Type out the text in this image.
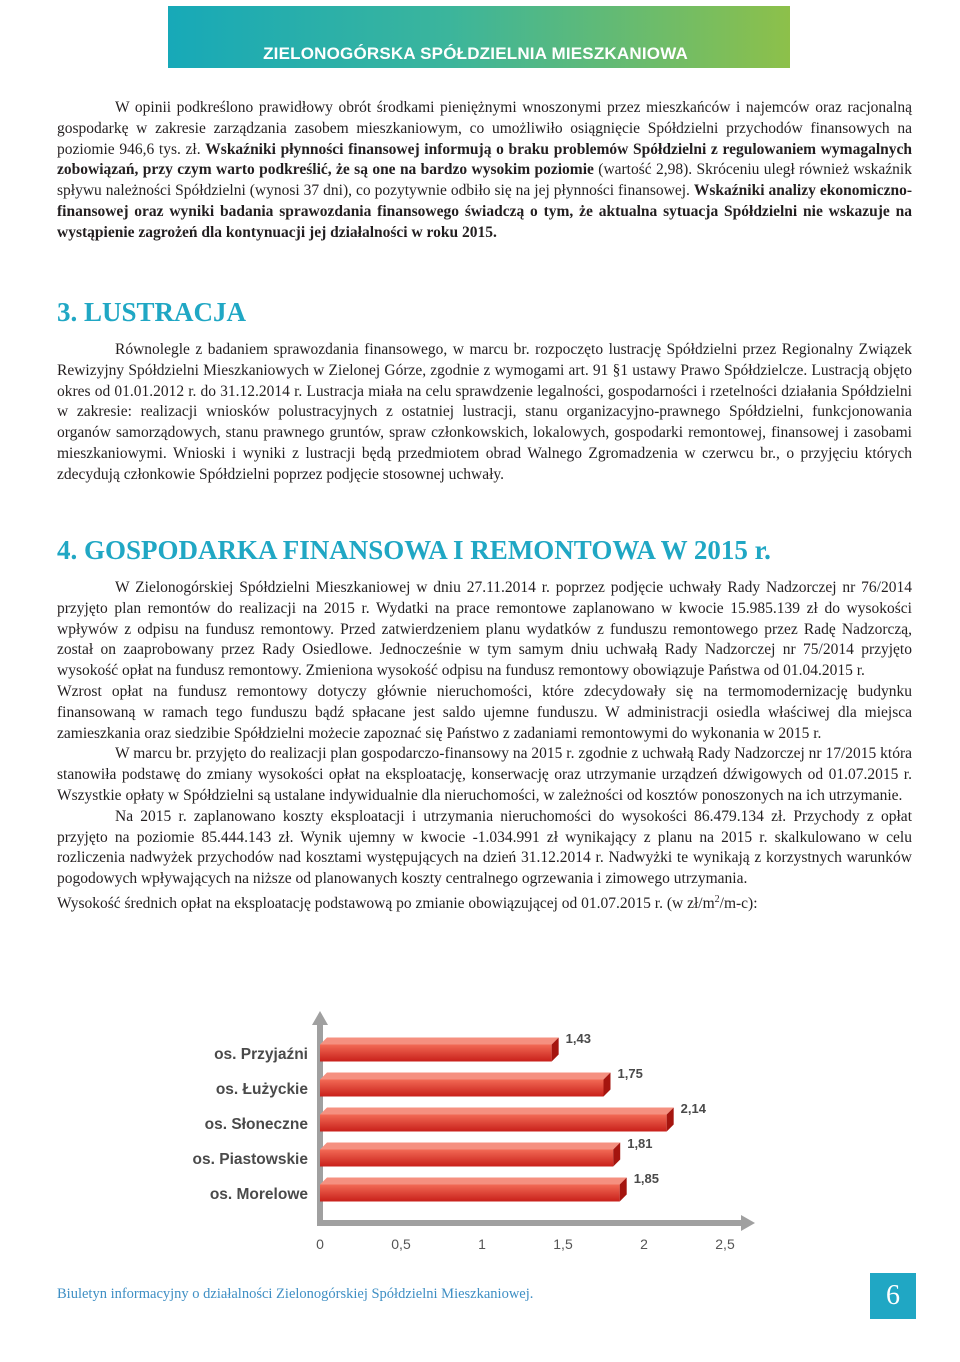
ZIELONOGÓRSKA SPÓŁDZIELNIA MIESZKANIOWA

W opinii podkreślono prawidłowy obrót środkami pieniężnymi wnoszonymi przez mieszkańców i najemców oraz racjonalną gospodarkę w zakresie zarządzania zasobem mieszkaniowym, co umożliwiło osiągnięcie Spółdzielni przychodów finansowych na poziomie 946,6 tys. zł. Wskaźniki płynności finansowej informują o braku problemów Spółdzielni z regulowaniem wymagalnych zobowiązań, przy czym warto podkreślić, że są one na bardzo wysokim poziomie (wartość 2,98). Skróceniu uległ również wskaźnik spływu należności Spółdzielni (wynosi 37 dni), co pozytywnie odbiło się na jej płynności finansowej. Wskaźniki analizy ekonomiczno-finansowej oraz wyniki badania sprawozdania finansowego świadczą o tym, że aktualna sytuacja Spółdzielni nie wskazuje na wystąpienie zagrożeń dla kontynuacji jej działalności w roku 2015.

3. LUSTRACJA

Równolegle z badaniem sprawozdania finansowego, w marcu br. rozpoczęto lustrację Spółdzielni przez Regionalny Związek Rewizyjny Spółdzielni Mieszkaniowych w Zielonej Górze, zgodnie z wymogami art. 91 §1 ustawy Prawo Spółdzielcze. Lustracją objęto okres od 01.01.2012 r. do 31.12.2014 r. Lustracja miała na celu sprawdzenie legalności, gospodarności i rzetelności działania Spółdzielni w zakresie: realizacji wniosków polustracyjnych z ostatniej lustracji, stanu organizacyjno-prawnego Spółdzielni, funkcjonowania organów samorządowych, stanu prawnego gruntów, spraw członkowskich, lokalowych, gospodarki remontowej, finansowej i zasobami mieszkaniowymi. Wnioski i wyniki z lustracji będą przedmiotem obrad Walnego Zgromadzenia w czerwcu br., o przyjęciu których zdecydują członkowie Spółdzielni poprzez podjęcie stosownej uchwały.

4. GOSPODARKA FINANSOWA I REMONTOWA W 2015 r.

W Zielonogórskiej Spółdzielni Mieszkaniowej w dniu 27.11.2014 r. poprzez podjęcie uchwały Rady Nadzorczej nr 76/2014 przyjęto plan remontów do realizacji na 2015 r. Wydatki na prace remontowe zaplanowano w kwocie 15.985.139 zł do wysokości wpływów z odpisu na fundusz remontowy. Przed zatwierdzeniem planu wydatków z funduszu remontowego przez Radę Nadzorczą, został on zaaprobowany przez Rady Osiedlowe. Jednocześnie w tym samym dniu uchwałą Rady Nadzorczej nr 75/2014 przyjęto wysokość opłat na fundusz remontowy. Zmieniona wysokość odpisu na fundusz remontowy obowiązuje Państwa od 01.04.2015 r.

Wzrost opłat na fundusz remontowy dotyczy głównie nieruchomości, które zdecydowały się na termomodernizację budynku finansowaną w ramach tego funduszu bądź spłacane jest saldo ujemne funduszu. W administracji osiedla właściwej dla miejsca zamieszkania oraz siedzibie Spółdzielni możecie zapoznać się Państwo z zadaniami remontowymi do wykonania w 2015 r.

W marcu br. przyjęto do realizacji plan gospodarczo-finansowy na 2015 r. zgodnie z uchwałą Rady Nadzorczej nr 17/2015 która stanowiła podstawę do zmiany wysokości opłat na eksploatację, konserwację oraz utrzymanie urządzeń dźwigowych od 01.07.2015 r. Wszystkie opłaty w Spółdzielni są ustalane indywidualnie dla nieruchomości, w zależności od kosztów ponoszonych na ich utrzymanie.

Na 2015 r. zaplanowano koszty eksploatacji i utrzymania nieruchomości do wysokości 86.479.134 zł. Przychody z opłat przyjęto na poziomie 85.444.143 zł. Wynik ujemny w kwocie -1.034.991 zł wynikający z planu na 2015 r. skalkulowano w celu rozliczenia nadwyżek przychodów nad kosztami występujących na dzień 31.12.2014 r. Nadwyżki te wynikają z korzystnych warunków pogodowych wpływających na niższe od planowanych koszty centralnego ogrzewania i zimowego utrzymania.

Wysokość średnich opłat na eksploatację podstawową po zmianie obowiązującej od 01.07.2015 r. (w $zł/m^2/m-c$):

0	0,5	1	1,5	2	2,5
os. Przyjaźni
1,43
os. Łużyckie
1,75
os. Słoneczne
2,14
os. Piastowskie
1,81
os. Morelowe
1,85
Biuletyn informacyjny o działalności Zielonogórskiej Spółdzielni Mieszkaniowej.	6
